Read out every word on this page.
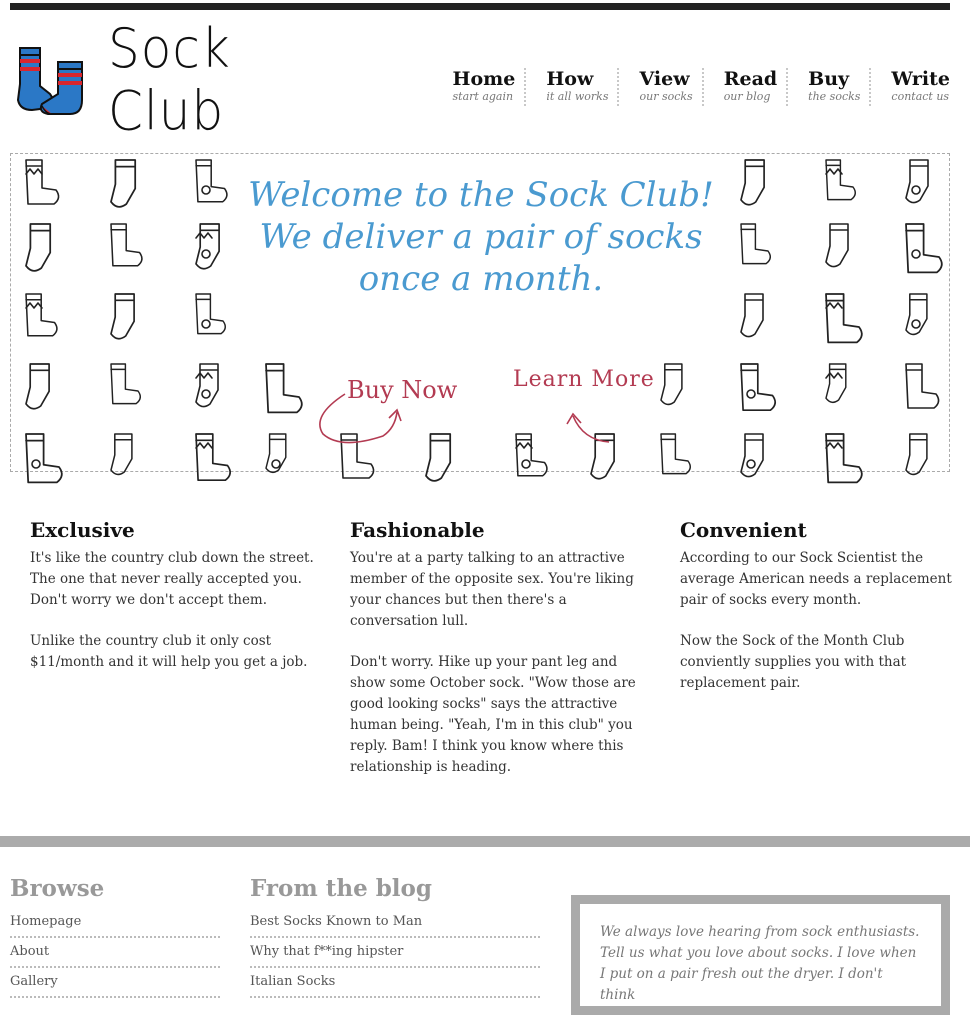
Sock Club
Home
start again
How
it all works
View
our socks
Read
our blog
Buy
the socks
Write
contact us
Welcome to the Sock Club!
We deliver a pair of socks
once a month.
Buy Now	Learn More
Exclusive

It's like the country club down the street. The one that never really accepted you. Don't worry we don't accept them.

Unlike the country club it only cost $11/month and it will help you get a job.

Fashionable

You're at a party talking to an attractive member of the opposite sex. You're liking your chances but then there's a conversation lull.

Don't worry. Hike up your pant leg and show some October sock. "Wow those are good looking socks" says the attractive human being. "Yeah, I'm in this club" you reply. Bam! I think you know where this relationship is heading.

Convenient

According to our Sock Scientist the average American needs a replacement pair of socks every month.

Now the Sock of the Month Club conviently supplies you with that replacement pair.

Browse
Homepage
About
Gallery
From the blog
Best Socks Known to Man
Why that f**ing hipster
Italian Socks

We always love hearing from sock enthusiasts. Tell us what you love about socks. I love when I put on a pair fresh out the dryer. I don't think
